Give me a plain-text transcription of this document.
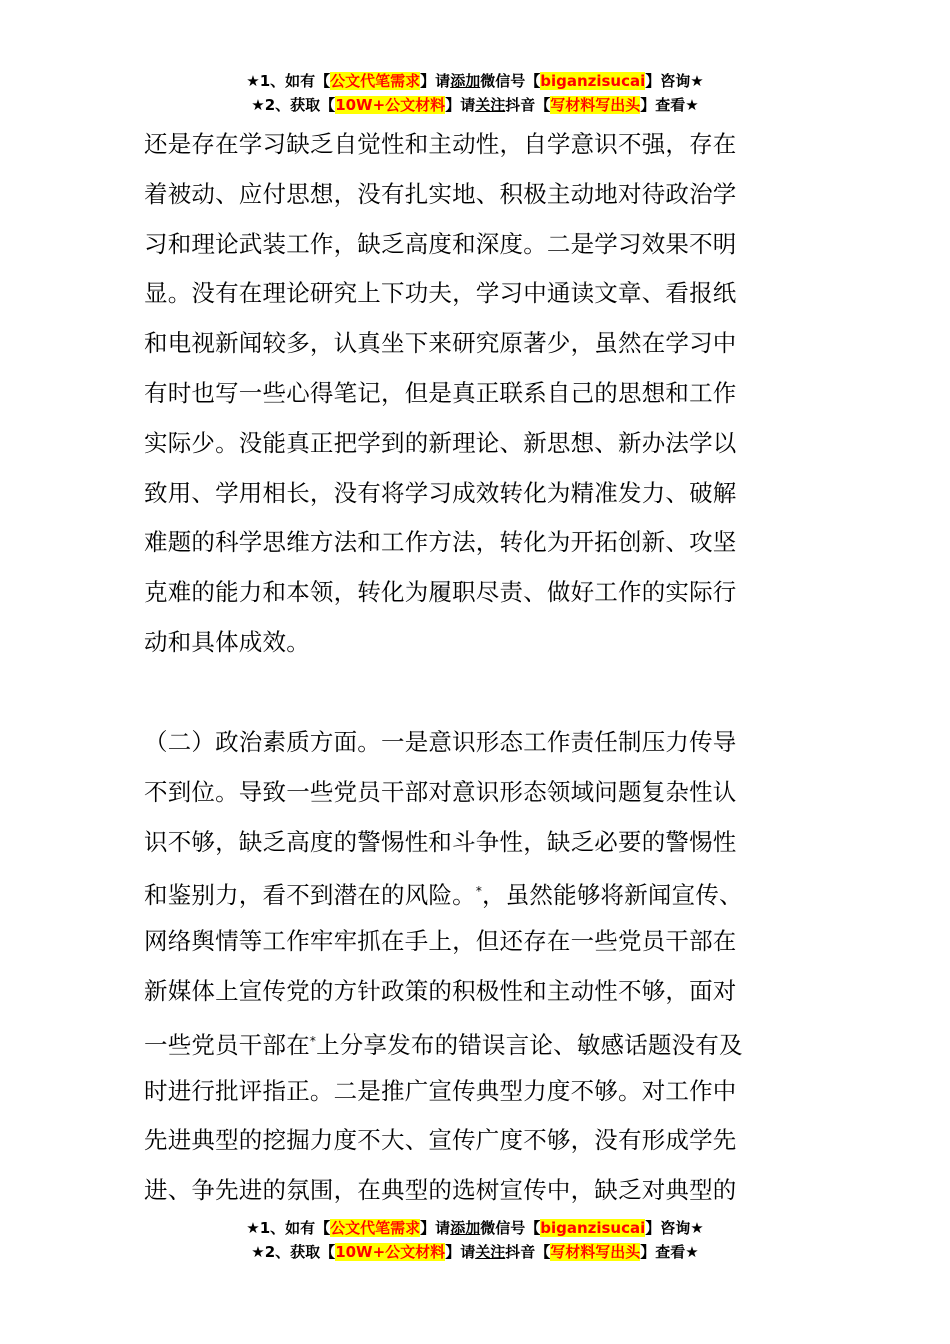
★1、如有【公文代笔需求】请添加微信号【biganzisucai】咨询★
★2、获取【10W+公文材料】请关注抖音【写材料写出头】查看★
还是存在学习缺乏自觉性和主动性，自学意识不强，存在
着被动、应付思想，没有扎实地、积极主动地对待政治学
习和理论武装工作，缺乏高度和深度。二是学习效果不明
显。没有在理论研究上下功夫，学习中通读文章、看报纸
和电视新闻较多，认真坐下来研究原著少，虽然在学习中
有时也写一些心得笔记，但是真正联系自己的思想和工作
实际少。没能真正把学到的新理论、新思想、新办法学以
致用、学用相长，没有将学习成效转化为精准发力、破解
难题的科学思维方法和工作方法，转化为开拓创新、攻坚
克难的能力和本领，转化为履职尽责、做好工作的实际行
动和具体成效。
（二）政治素质方面。一是意识形态工作责任制压力传导
不到位。导致一些党员干部对意识形态领域问题复杂性认
识不够，缺乏高度的警惕性和斗争性，缺乏必要的警惕性
和鉴别力，看不到潜在的风险。*，虽然能够将新闻宣传、
网络舆情等工作牢牢抓在手上，但还存在一些党员干部在
新媒体上宣传党的方针政策的积极性和主动性不够，面对
一些党员干部在*上分享发布的错误言论、敏感话题没有及
时进行批评指正。二是推广宣传典型力度不够。对工作中
先进典型的挖掘力度不大、宣传广度不够，没有形成学先
进、争先进的氛围，在典型的选树宣传中，缺乏对典型的
★1、如有【公文代笔需求】请添加微信号【biganzisucai】咨询★
★2、获取【10W+公文材料】请关注抖音【写材料写出头】查看★
